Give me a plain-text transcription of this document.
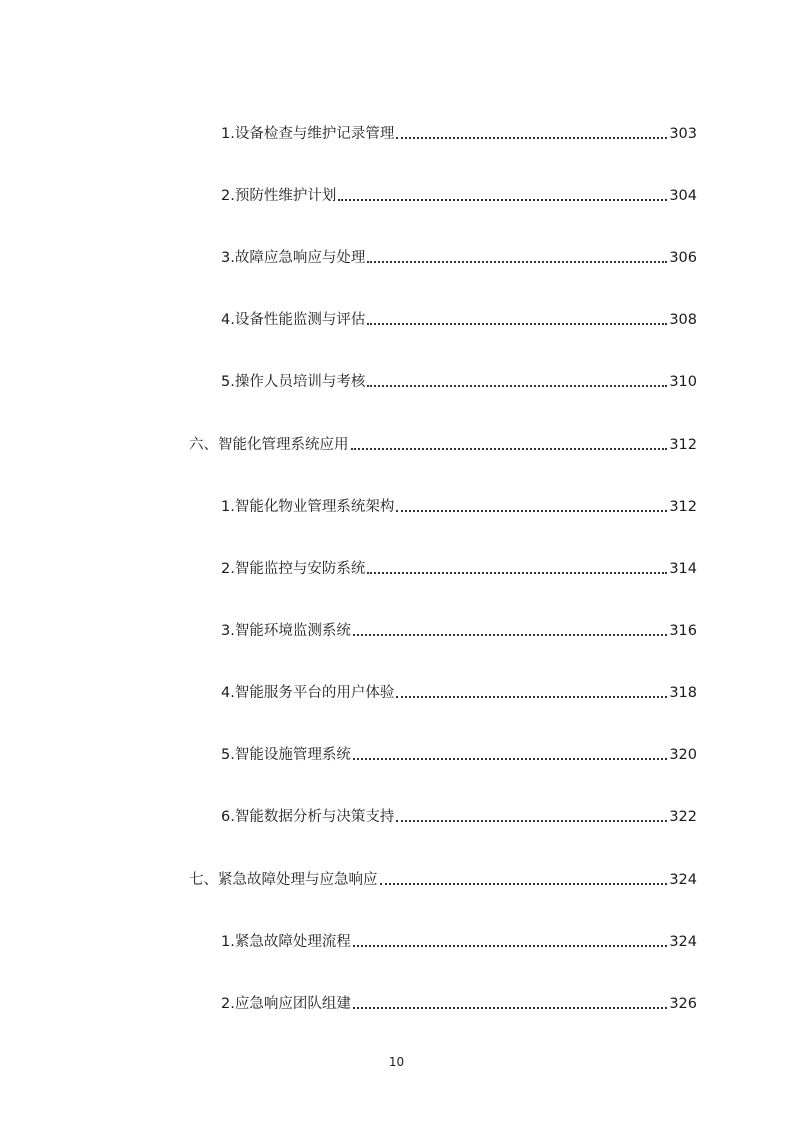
1.设备检查与维护记录管理	303
2.预防性维护计划	304
3.故障应急响应与处理	306
4.设备性能监测与评估	308
5.操作人员培训与考核	310
六、智能化管理系统应用	312
1.智能化物业管理系统架构	312
2.智能监控与安防系统	314
3.智能环境监测系统	316
4.智能服务平台的用户体验	318
5.智能设施管理系统	320
6.智能数据分析与决策支持	322
七、紧急故障处理与应急响应	324
1.紧急故障处理流程	324
2.应急响应团队组建	326
10
